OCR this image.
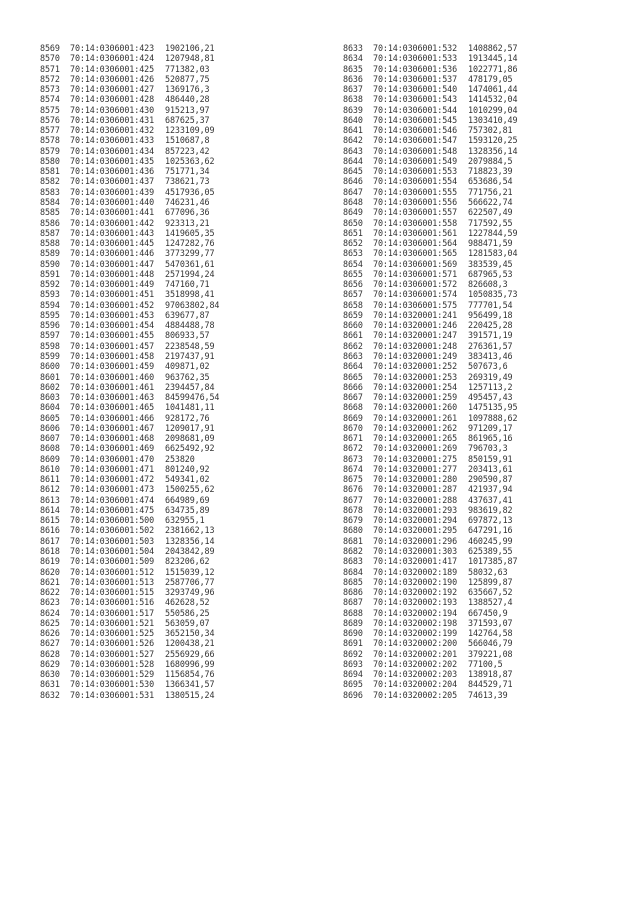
8569 70:14:0306001:423 1902106,21
8570 70:14:0306001:424 1207948,81
8571 70:14:0306001:425 771382,03
8572 70:14:0306001:426 520877,75
8573 70:14:0306001:427 1369176,3
8574 70:14:0306001:428 486440,28
8575 70:14:0306001:430 915213,97
8576 70:14:0306001:431 687625,37
8577 70:14:0306001:432 1233109,09
8578 70:14:0306001:433 1510687,8
8579 70:14:0306001:434 857223,42
8580 70:14:0306001:435 1025363,62
8581 70:14:0306001:436 751771,34
8582 70:14:0306001:437 738621,73
8583 70:14:0306001:439 4517936,05
8584 70:14:0306001:440 746231,46
8585 70:14:0306001:441 677096,36
8586 70:14:0306001:442 923313,21
8587 70:14:0306001:443 1419605,35
8588 70:14:0306001:445 1247282,76
8589 70:14:0306001:446 3773299,77
8590 70:14:0306001:447 5470361,61
8591 70:14:0306001:448 2571994,24
8592 70:14:0306001:449 747160,71
8593 70:14:0306001:451 3518998,41
8594 70:14:0306001:452 97063802,84
8595 70:14:0306001:453 639677,87
8596 70:14:0306001:454 4884488,78
8597 70:14:0306001:455 806933,57
8598 70:14:0306001:457 2238548,59
8599 70:14:0306001:458 2197437,91
8600 70:14:0306001:459 409871,02
8601 70:14:0306001:460 963762,35
8602 70:14:0306001:461 2394457,84
8603 70:14:0306001:463 84599476,54
8604 70:14:0306001:465 1041481,11
8605 70:14:0306001:466 928172,76
8606 70:14:0306001:467 1209017,91
8607 70:14:0306001:468 2098681,09
8608 70:14:0306001:469 6625492,92
8609 70:14:0306001:470 253820
8610 70:14:0306001:471 801240,92
8611 70:14:0306001:472 549341,02
8612 70:14:0306001:473 1500255,62
8613 70:14:0306001:474 664989,69
8614 70:14:0306001:475 634735,89
8615 70:14:0306001:500 632955,1
8616 70:14:0306001:502 2381662,13
8617 70:14:0306001:503 1328356,14
8618 70:14:0306001:504 2043842,89
8619 70:14:0306001:509 823206,62
8620 70:14:0306001:512 1515039,12
8621 70:14:0306001:513 2587706,77
8622 70:14:0306001:515 3293749,96
8623 70:14:0306001:516 462628,52
8624 70:14:0306001:517 550586,25
8625 70:14:0306001:521 563059,07
8626 70:14:0306001:525 3652150,34
8627 70:14:0306001:526 1200438,21
8628 70:14:0306001:527 2556929,66
8629 70:14:0306001:528 1680996,99
8630 70:14:0306001:529 1156854,76
8631 70:14:0306001:530 1366341,57
8632 70:14:0306001:531 1380515,24
8633 70:14:0306001:532 1408862,57
8634 70:14:0306001:533 1913445,14
8635 70:14:0306001:536 1022771,86
8636 70:14:0306001:537 478179,05
8637 70:14:0306001:540 1474061,44
8638 70:14:0306001:543 1414532,04
8639 70:14:0306001:544 1010299,04
8640 70:14:0306001:545 1303410,49
8641 70:14:0306001:546 757302,81
8642 70:14:0306001:547 1593120,25
8643 70:14:0306001:548 1328356,14
8644 70:14:0306001:549 2079884,5
8645 70:14:0306001:553 718823,39
8646 70:14:0306001:554 653686,54
8647 70:14:0306001:555 771756,21
8648 70:14:0306001:556 566622,74
8649 70:14:0306001:557 622507,49
8650 70:14:0306001:558 717592,55
8651 70:14:0306001:561 1227844,59
8652 70:14:0306001:564 988471,59
8653 70:14:0306001:565 1281583,04
8654 70:14:0306001:569 383539,45
8655 70:14:0306001:571 687965,53
8656 70:14:0306001:572 826608,3
8657 70:14:0306001:574 1050835,73
8658 70:14:0306001:575 777701,54
8659 70:14:0320001:241 956499,18
8660 70:14:0320001:246 220425,28
8661 70:14:0320001:247 391571,19
8662 70:14:0320001:248 276361,57
8663 70:14:0320001:249 383413,46
8664 70:14:0320001:252 507673,6
8665 70:14:0320001:253 269319,49
8666 70:14:0320001:254 1257113,2
8667 70:14:0320001:259 495457,43
8668 70:14:0320001:260 1475135,95
8669 70:14:0320001:261 1097888,62
8670 70:14:0320001:262 971209,17
8671 70:14:0320001:265 861965,16
8672 70:14:0320001:269 796703,3
8673 70:14:0320001:275 850159,91
8674 70:14:0320001:277 203413,61
8675 70:14:0320001:280 290590,87
8676 70:14:0320001:287 421937,94
8677 70:14:0320001:288 437637,41
8678 70:14:0320001:293 983619,82
8679 70:14:0320001:294 697872,13
8680 70:14:0320001:295 647291,16
8681 70:14:0320001:296 460245,99
8682 70:14:0320001:303 625389,55
8683 70:14:0320001:417 1017385,87
8684 70:14:0320002:189 58032,63
8685 70:14:0320002:190 125899,87
8686 70:14:0320002:192 635667,52
8687 70:14:0320002:193 1388527,4
8688 70:14:0320002:194 667450,9
8689 70:14:0320002:198 371593,07
8690 70:14:0320002:199 142764,58
8691 70:14:0320002:200 566046,79
8692 70:14:0320002:201 379221,08
8693 70:14:0320002:202 77100,5
8694 70:14:0320002:203 138918,87
8695 70:14:0320002:204 844529,71
8696 70:14:0320002:205 74613,39
